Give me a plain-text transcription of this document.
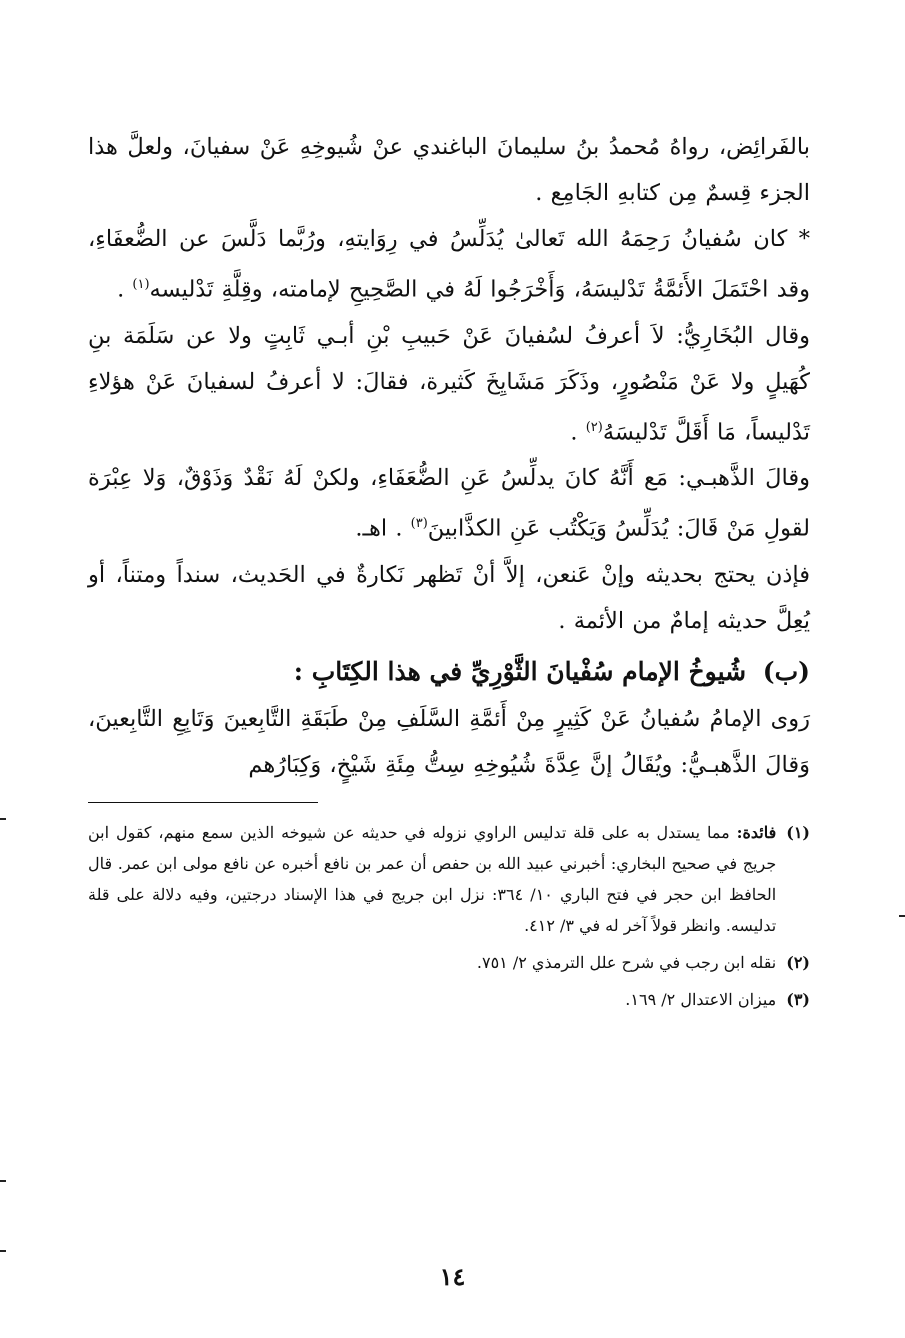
بالفَرائِض، رواهُ مُحمدُ بنُ سليمانَ الباغندي عنْ شُيوخِهِ عَنْ سفيانَ، ولعلَّ هذا الجزء قِسمٌ مِن كتابهِ الجَامِع .

* كان سُفيانُ رَحِمَهُ الله تَعالىٰ يُدَلِّسُ في رِوَايتهِ، ورُبَّما دَلَّسَ عن الضُّعفَاءِ، وقد احْتَمَلَ الأَئمَّةُ تَدْليسَهُ، وَأَخْرَجُوا لَهُ في الصَّحِيحِ لإمامته، وقِلَّةِ تَدْليسه$^{(١)}$ .

وقال البُخَارِيُّ: لاَ أعرفُ لسُفيانَ عَنْ حَبيبِ بْنِ أبـي ثَابِتٍ ولا عن سَلَمَة بنِ كُهَيلٍ ولا عَنْ مَنْصُورٍ، وذَكَرَ مَشَايِخَ كَثيرة، فقالَ: لا أعرفُ لسفيانَ عَنْ هؤلاءِ تَدْليساً، مَا أَقَلَّ تَدْليسَهُ$^{(٢)}$ .

وقالَ الذَّهبـي: مَع أَنَّهُ كانَ يدلِّسُ عَنِ الضُّعَفَاءِ، ولكنْ لَهُ نَقْدٌ وَذَوْقٌ، وَلا عِبْرَة لقولِ مَنْ قَالَ: يُدَلِّسُ وَيَكْتُب عَنِ الكذَّابينَ$^{(٣)}$ . اهـ.

فإذن يحتج بحديثه وإنْ عَنعن، إلاَّ أنْ تَظهر نَكارةٌ في الحَديث، سنداً ومتناً، أو يُعِلَّ حديثه إمامٌ من الأئمة .

(ب) شُيوخُ الإمام سُفْيانَ الثَّوْرِيِّ في هذا الكِتَابِ :

رَوى الإمامُ سُفيانُ عَنْ كَثِيرٍ مِنْ أَئمَّةِ السَّلَفِ مِنْ طَبَقَةِ التَّابِعينَ وَتَابِعِ التَّابِعينَ، وَقالَ الذَّهبـيُّ: ويُقَالُ إنَّ عِدَّةَ شُيُوخِهِ سِتُّ مِئَةِ شَيْخٍ، وَكِبَارُهم

(١)
فائدة: مما يستدل به على قلة تدليس الراوي نزوله في حديثه عن شيوخه الذين سمع منهم، كقول ابن جريج في صحيح البخاري: أخبرني عبيد الله بن حفص أن عمر بن نافع أخبره عن نافع مولى ابن عمر. قال الحافظ ابن حجر في فتح الباري ١٠/ ٣٦٤: نزل ابن جريج في هذا الإسناد درجتين، وفيه دلالة على قلة تدليسه. وانظر قولاً آخر له في ٣/ ٤١٢.
(٢)
نقله ابن رجب في شرح علل الترمذي ٢/ ٧٥١.
(٣)
ميزان الاعتدال ٢/ ١٦٩.
١٤
